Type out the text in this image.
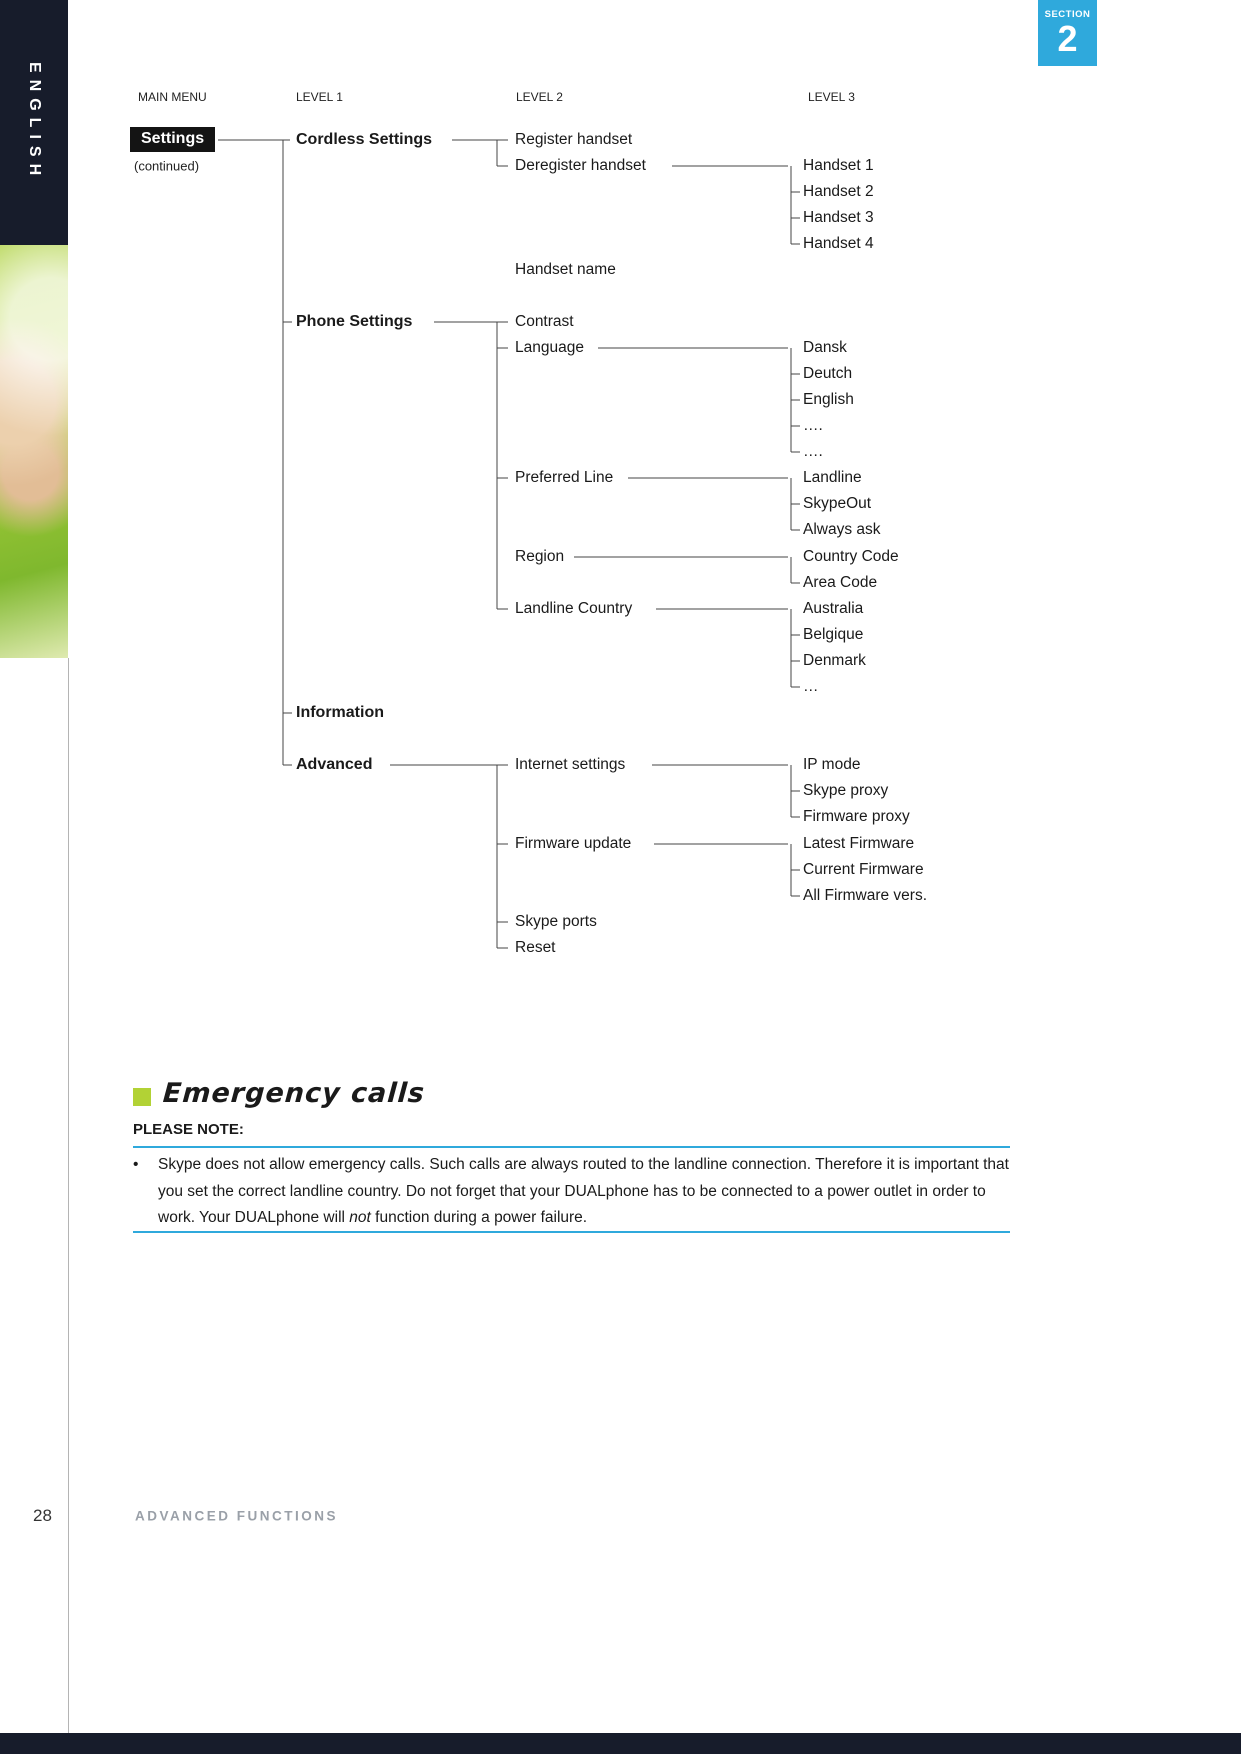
ENGLISH
SECTION
2
MAIN MENU	LEVEL 1	LEVEL 2	LEVEL 3
Settings
(continued)
Cordless Settings
Phone Settings
Information
Advanced
Register handset
Deregister handset
Handset name
Handset 1
Handset 2
Handset 3
Handset 4
Contrast
Language
Preferred Line
Region
Landline Country
Dansk
Deutch
English
….
….
Landline
SkypeOut
Always ask
Country Code
Area Code
Australia
Belgique
Denmark
…
Internet settings
Firmware update
Skype ports
Reset
IP mode
Skype proxy
Firmware proxy
Latest Firmware
Current Firmware
All Firmware vers.
Emergency calls
PLEASE NOTE:
•	Skype does not allow emergency calls. Such calls are always routed to the landline connection. Therefore it is important that you set the correct landline country. Do not forget that your DUALphone has to be connected to a power outlet in order to work. Your DUALphone will not function during a power failure.
28	ADVANCED FUNCTIONS
